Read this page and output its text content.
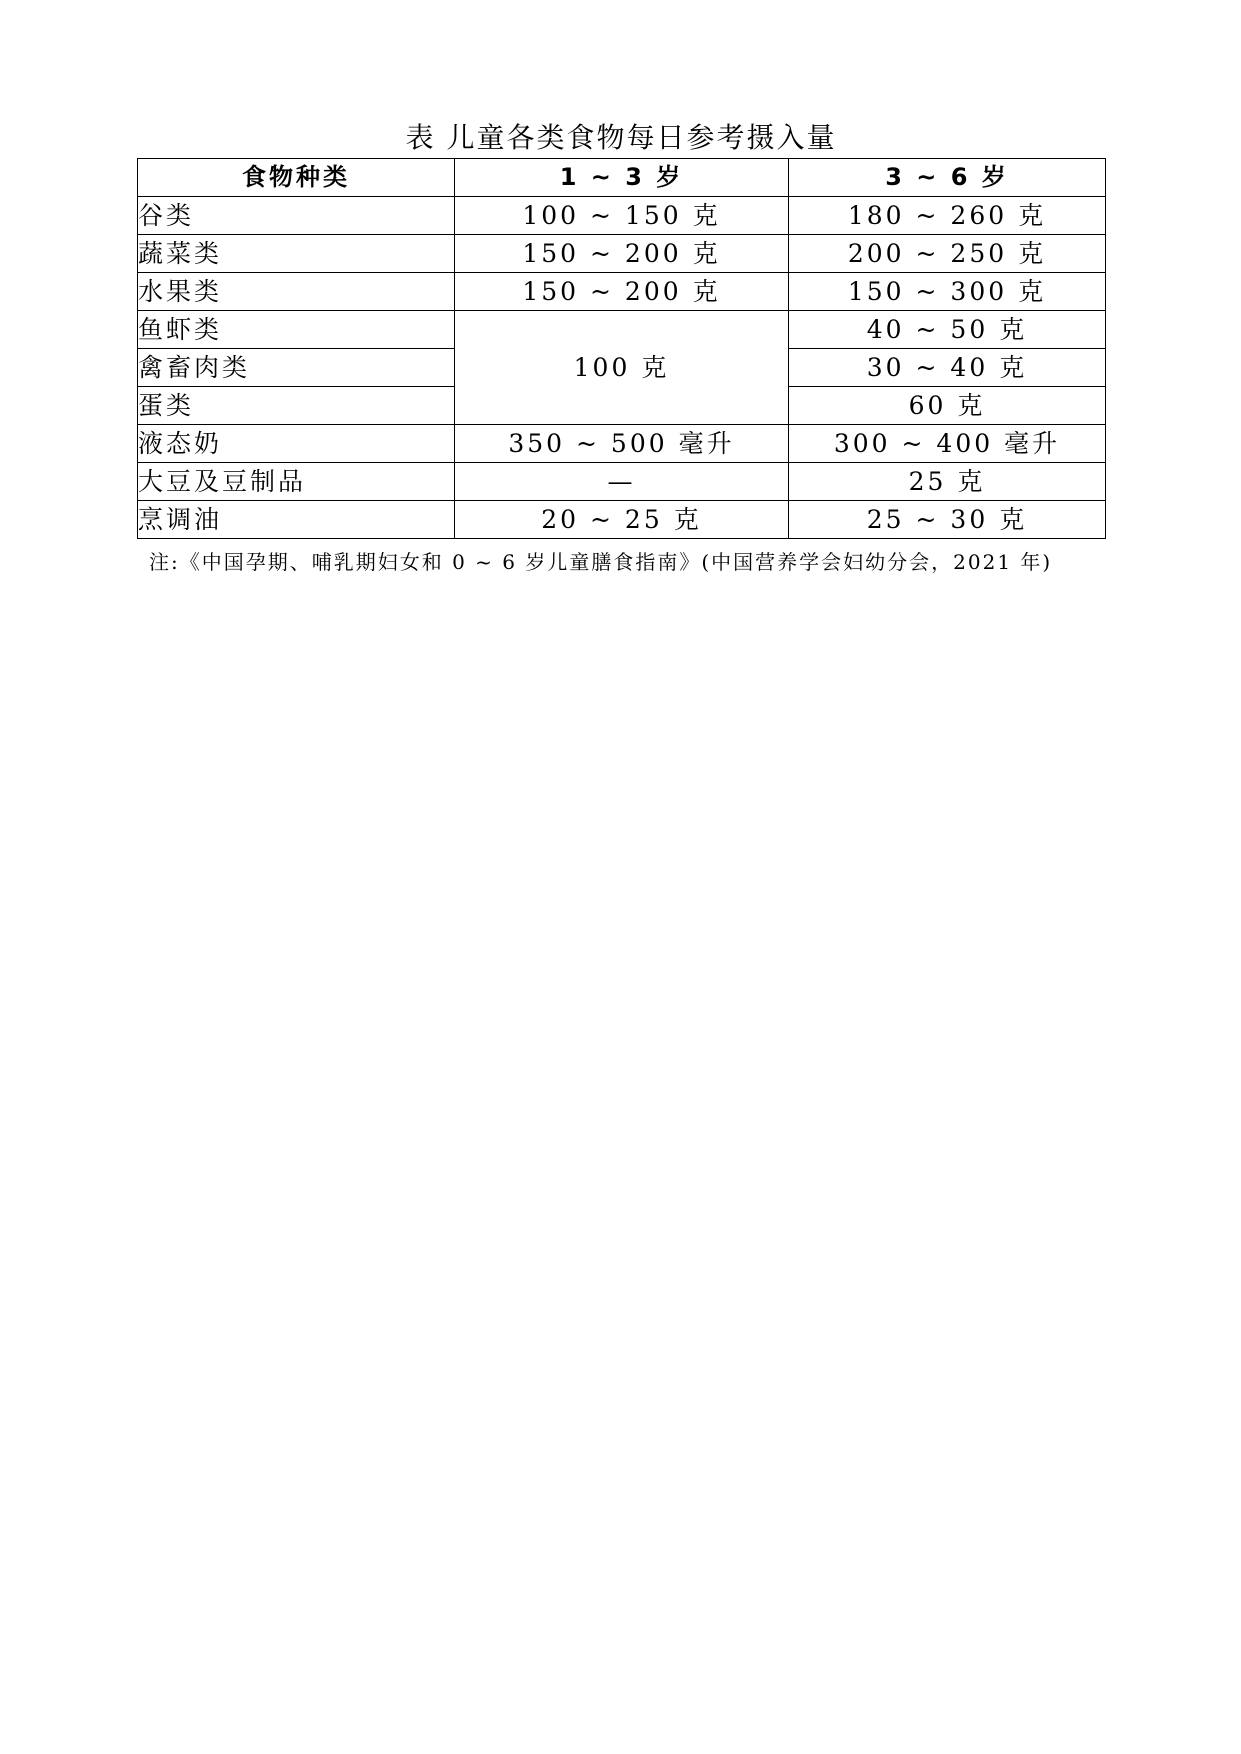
表 儿童各类食物每日参考摄入量
食物种类	1 ~ 3 岁	3 ~ 6 岁
谷类	100 ~ 150 克	180 ~ 260 克
蔬菜类	150 ~ 200 克	200 ~ 250 克
水果类	150 ~ 200 克	150 ~ 300 克
鱼虾类	100 克	40 ~ 50 克
禽畜肉类		30 ~ 40 克
蛋类		60 克
液态奶	350 ~ 500 毫升	300 ~ 400 毫升
大豆及豆制品	—	25 克
烹调油	20 ~ 25 克	25 ~ 30 克
注:《中国孕期、哺乳期妇女和 0 ~ 6 岁儿童膳食指南》(中国营养学会妇幼分会，2021 年)
